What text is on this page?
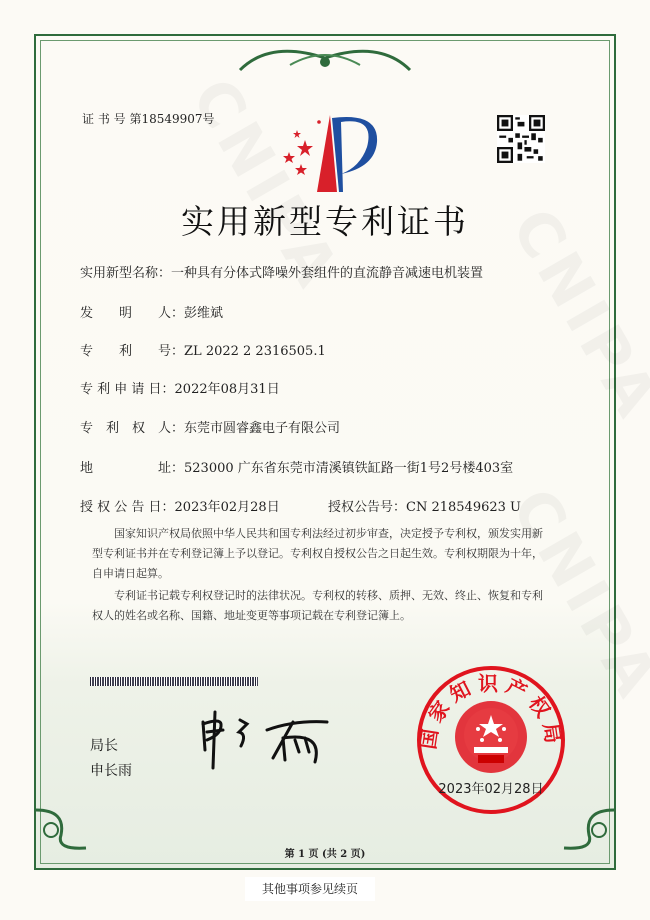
证 书 号 第18549907号
实用新型专利证书
实用新型名称：一种具有分体式降噪外套组件的直流静音减速电机装置
发　　明　　人：彭维斌
专　　利　　号：ZL 2022 2 2316505.1
专 利 申 请 日：2022年08月31日
专　利　权　人：东莞市圆睿鑫电子有限公司
地　　　　　址：523000 广东省东莞市清溪镇铁缸路一街1号2号楼403室
授 权 公 告 日：2023年02月28日	授权公告号：CN 218549623 U
国家知识产权局依照中华人民共和国专利法经过初步审查，决定授予专利权，颁发实用新型专利证书并在专利登记簿上予以登记。专利权自授权公告之日起生效。专利权期限为十年，自申请日起算。
专利证书记载专利权登记时的法律状况。专利权的转移、质押、无效、终止、恢复和专利权人的姓名或名称、国籍、地址变更等事项记载在专利登记簿上。
局长
申长雨
国家知识产权局
2023年02月28日
第 1 页 (共 2 页)
其他事项参见续页
